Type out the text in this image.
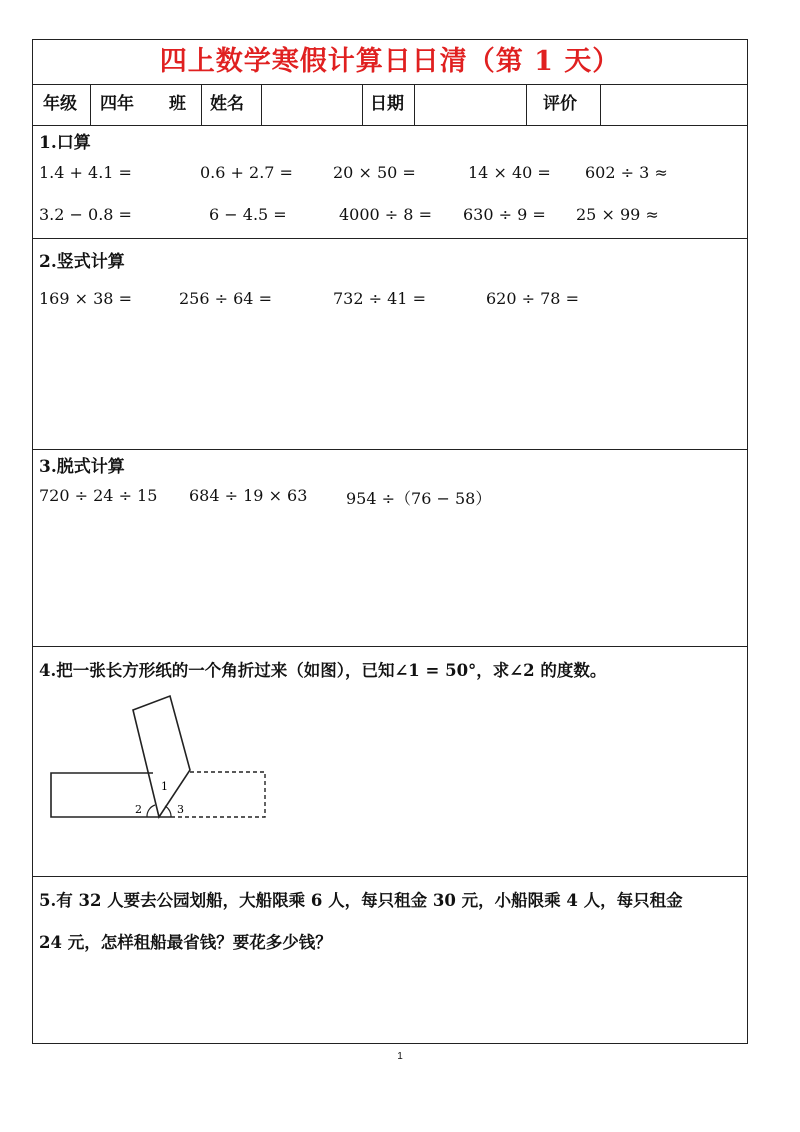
四上数学寒假计算日日清（第 1 天）
年级 四年 班 姓名	日期	评价
1.口算
1.4 + 4.1 =	0.6 + 2.7 =	20 × 50 =	14 × 40 = 602 ÷ 3 ≈
3.2 − 0.8 =	6 − 4.5 =	4000 ÷ 8 = 630 ÷ 9 = 25 × 99 ≈
2.竖式计算
169 × 38 =	256 ÷ 64 =	732 ÷ 41 =	620 ÷ 78 =
3.脱式计算
720 ÷ 24 ÷ 15 684 ÷ 19 × 63 954 ÷（76 − 58）
4.把一张长方形纸的一个角折过来（如图），已知∠1 = 50°，求∠2 的度数。
1
2	3
5.有 32 人要去公园划船，大船限乘 6 人，每只租金 30 元，小船限乘 4 人，每只租金
24 元，怎样租船最省钱？要花多少钱？
1
